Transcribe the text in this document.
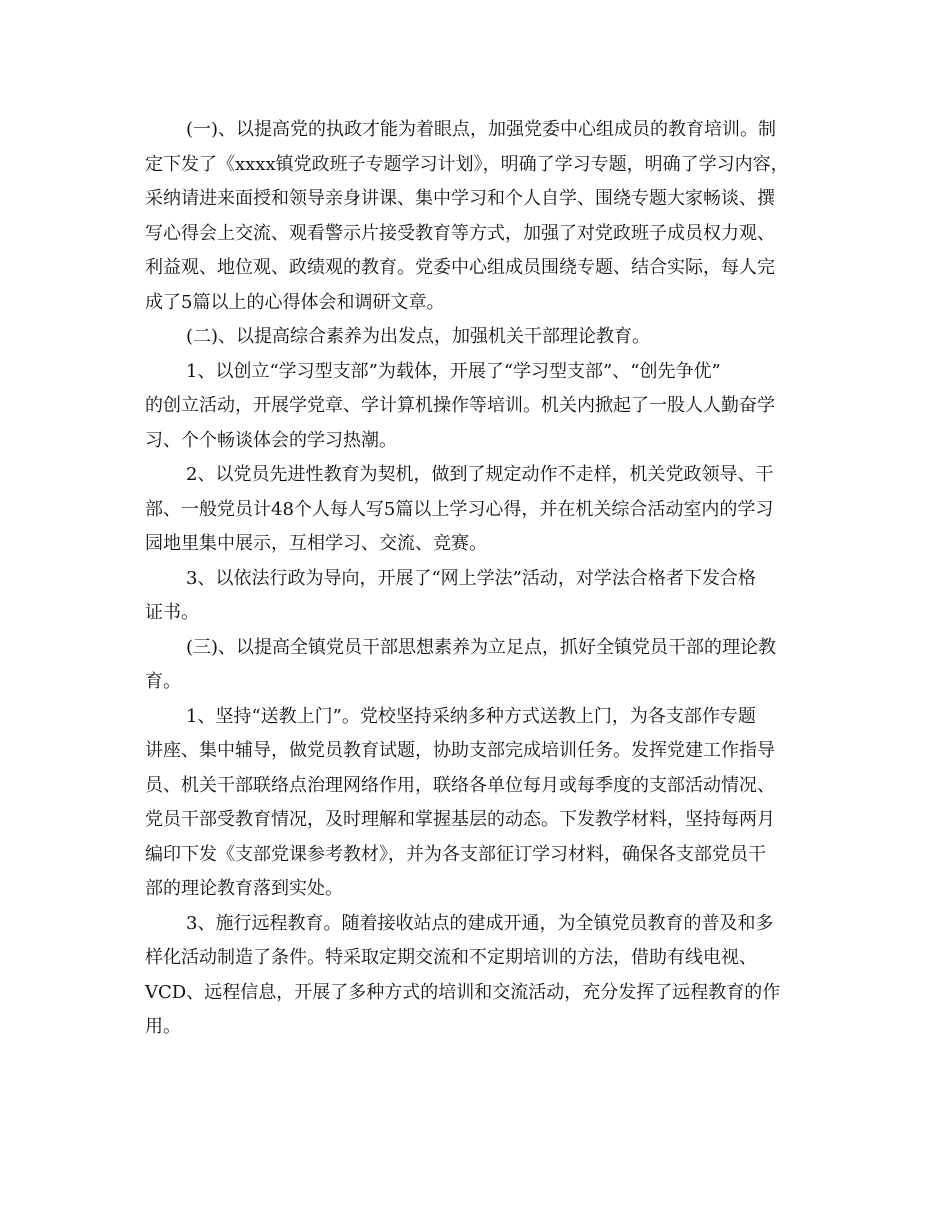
(一)、以提高党的执政才能为着眼点，加强党委中心组成员的教育培训。制
定下发了《xxxx镇党政班子专题学习计划》，明确了学习专题，明确了学习内容，
采纳请进来面授和领导亲身讲课、集中学习和个人自学、围绕专题大家畅谈、撰
写心得会上交流、观看警示片接受教育等方式，加强了对党政班子成员权力观、
利益观、地位观、政绩观的教育。党委中心组成员围绕专题、结合实际，每人完
成了5篇以上的心得体会和调研文章。
(二)、以提高综合素养为出发点，加强机关干部理论教育。
1、以创立“学习型支部”为载体，开展了“学习型支部”、“创先争优”
的创立活动，开展学党章、学计算机操作等培训。机关内掀起了一股人人勤奋学
习、个个畅谈体会的学习热潮。
2、以党员先进性教育为契机，做到了规定动作不走样，机关党政领导、干
部、一般党员计48个人每人写5篇以上学习心得，并在机关综合活动室内的学习
园地里集中展示，互相学习、交流、竞赛。
3、以依法行政为导向，开展了“网上学法”活动，对学法合格者下发合格
证书。
(三)、以提高全镇党员干部思想素养为立足点，抓好全镇党员干部的理论教
育。
1、坚持“送教上门”。党校坚持采纳多种方式送教上门，为各支部作专题
讲座、集中辅导，做党员教育试题，协助支部完成培训任务。发挥党建工作指导
员、机关干部联络点治理网络作用，联络各单位每月或每季度的支部活动情况、
党员干部受教育情况，及时理解和掌握基层的动态。下发教学材料，坚持每两月
编印下发《支部党课参考教材》，并为各支部征订学习材料，确保各支部党员干
部的理论教育落到实处。
3、施行远程教育。随着接收站点的建成开通，为全镇党员教育的普及和多
样化活动制造了条件。特采取定期交流和不定期培训的方法，借助有线电视、
VCD、远程信息，开展了多种方式的培训和交流活动，充分发挥了远程教育的作
用。
